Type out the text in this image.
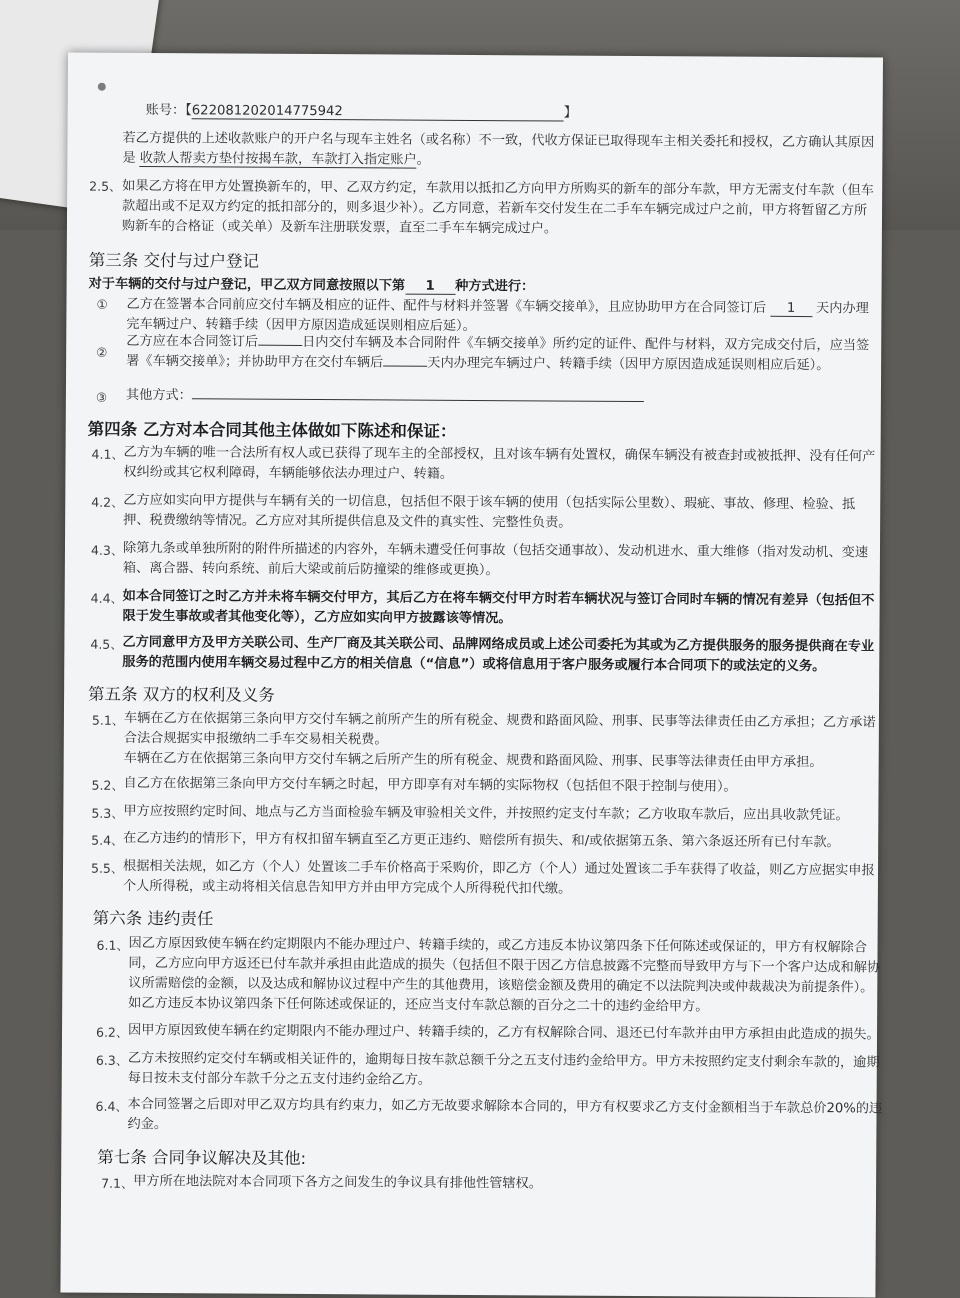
账号：【6220812020147759​42	】
若乙方提供的上述收款账户的开户名与现车主姓名（或名称）不一致，代收方保证已取得现车主相关委托和授权，乙方确认其原因
是 收款人帮卖方垫付按揭车款，车款打入指定账户。
2.5、 如果乙方将在甲方处置换新车的，甲、乙双方约定，车款用以抵扣乙方向甲方所购买的新车的部分车款，甲方无需支付车款（但车
款超出或不足双方约定的抵扣部分的，则多退少补）。乙方同意，若新车交付发生在二手车车辆完成过户之前，甲方将暂留乙方所
购新车的合格证（或关单）及新车注册联发票，直至二手车车辆完成过户。
第三条 交付与过户登记
对于车辆的交付与过户登记，甲乙双方同意按照以下第 1 种方式进行：
① 乙方在签署本合同前应交付车辆及相应的证件、配件与材料并签署《车辆交接单》，且应协助甲方在合同签订后 1 天内办理
完车辆过户、转籍手续（因甲方原因造成延误则相应后延）。
②
乙方应在本合同签订后	日内交付车辆及本合同附件《车辆交接单》所约定的证件、配件与材料，双方完成交付后，应当签
署《车辆交接单》；并协助甲方在交付车辆后	天内办理完车辆过户、转籍手续（因甲方原因造成延误则相应后延）。
③ 其他方式：
第四条 乙方对本合同其他主体做如下陈述和保证：
4.1、 乙方为车辆的唯一合法所有权人或已获得了现车主的全部授权，且对该车辆有处置权，确保车辆没有被查封或被抵押、没有任何产
权纠纷或其它权利障碍，车辆能够依法办理过户、转籍。
4.2、 乙方应如实向甲方提供与车辆有关的一切信息，包括但不限于该车辆的使用（包括实际公里数）、瑕疵、事故、修理、检验、抵
押、税费缴纳等情况。乙方应对其所提供信息及文件的真实性、完整性负责。
4.3、 除第九条或单独所附的附件所描述的内容外，车辆未遭受任何事故（包括交通事故）、发动机进水、重大维修（指对发动机、变速
箱、离合器、转向系统、前后大梁或前后防撞梁的维修或更换）。
4.4、 如本合同签订之时乙方并未将车辆交付甲方，其后乙方在将车辆交付甲方时若车辆状况与签订合同时车辆的情况有差异（包括但不
限于发生事故或者其他变化等），乙方应如实向甲方披露该等情况。
4.5、 乙方同意甲方及甲方关联公司、生产厂商及其关联公司、品牌网络成员或上述公司委托为其或为乙方提供服务的服务提供商在专业
服务的范围内使用车辆交易过程中乙方的相关信息（“信息”）或将信息用于客户服务或履行本合同项下的或法定的义务。
第五条 双方的权利及义务
5.1、 车辆在乙方在依据第三条向甲方交付车辆之前所产生的所有税金、规费和路面风险、刑事、民事等法律责任由乙方承担；乙方承诺
合法合规据实申报缴纳二手车交易相关税费。
车辆在乙方在依据第三条向甲方交付车辆之后所产生的所有税金、规费和路面风险、刑事、民事等法律责任由甲方承担。
5.2、 自乙方在依据第三条向甲方交付车辆之时起，甲方即享有对车辆的实际物权（包括但不限于控制与使用）。
5.3、 甲方应按照约定时间、地点与乙方当面检验车辆及审验相关文件，并按照约定支付车款；乙方收取车款后，应出具收款凭证。
5.4、 在乙方违约的情形下，甲方有权扣留车辆直至乙方更正违约、赔偿所有损失、和/或依据第五条、第六条返还所有已付车款。
5.5、 根据相关法规，如乙方（个人）处置该二手车价格高于采购价，即乙方（个人）通过处置该二手车获得了收益，则乙方应据实申报
个人所得税，或主动将相关信息告知甲方并由甲方完成个人所得税代扣代缴。
第六条 违约责任
6.1、 因乙方原因致使车辆在约定期限内不能办理过户、转籍手续的，或乙方违反本协议第四条下任何陈述或保证的，甲方有权解除合
同，乙方应向甲方返还已付车款并承担由此造成的损失（包括但不限于因乙方信息披露不完整而导致甲方与下一个客户达成和解协
议所需赔偿的金额，以及达成和解协议过程中产生的其他费用，该赔偿金额及费用的确定不以法院判决或仲裁裁决为前提条件）。
如乙方违反本协议第四条下任何陈述或保证的，还应当支付车款总额的百分之二十的违约金给甲方。
6.2、 因甲方原因致使车辆在约定期限内不能办理过户、转籍手续的，乙方有权解除合同、退还已付车款并由甲方承担由此造成的损失。
6.3、 乙方未按照约定交付车辆或相关证件的，逾期每日按车款总额千分之五支付违约金给甲方。甲方未按照约定支付剩余车款的，逾期
每日按未支付部分车款千分之五支付违约金给乙方。
6.4、 本合同签署之后即对甲乙双方均具有约束力，如乙方无故要求解除本合同的，甲方有权要求乙方支付金额相当于车款总价20%的违
约金。
第七条 合同争议解决及其他:
7.1、 甲方所在地法院对本合同项下各方之间发生的争议具有排他性管辖权。
